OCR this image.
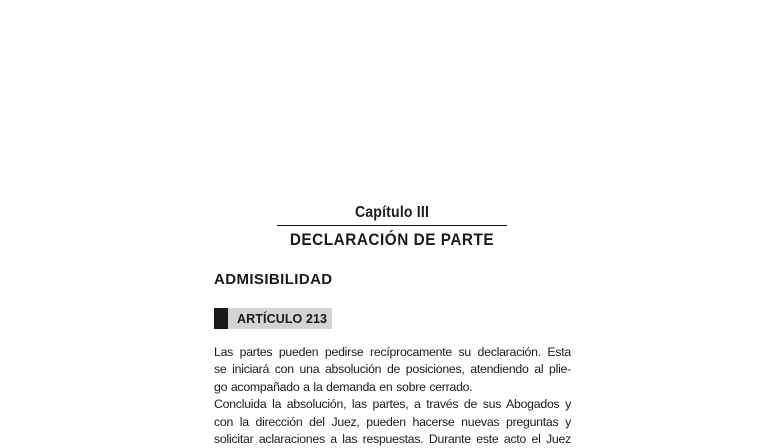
Capítulo III
DECLARACIÓN DE PARTE
ADMISIBILIDAD
ARTÍCULO 213
Las partes pueden pedirse recíprocamente su declaración. Esta
se iniciará con una absolución de posiciones, atendiendo al plie-
go acompañado a la demanda en sobre cerrado.
Concluida la absolución, las partes, a través de sus Abogados y
con la dirección del Juez, pueden hacerse nuevas preguntas y
solicitar aclaraciones a las respuestas. Durante este acto el Juez
